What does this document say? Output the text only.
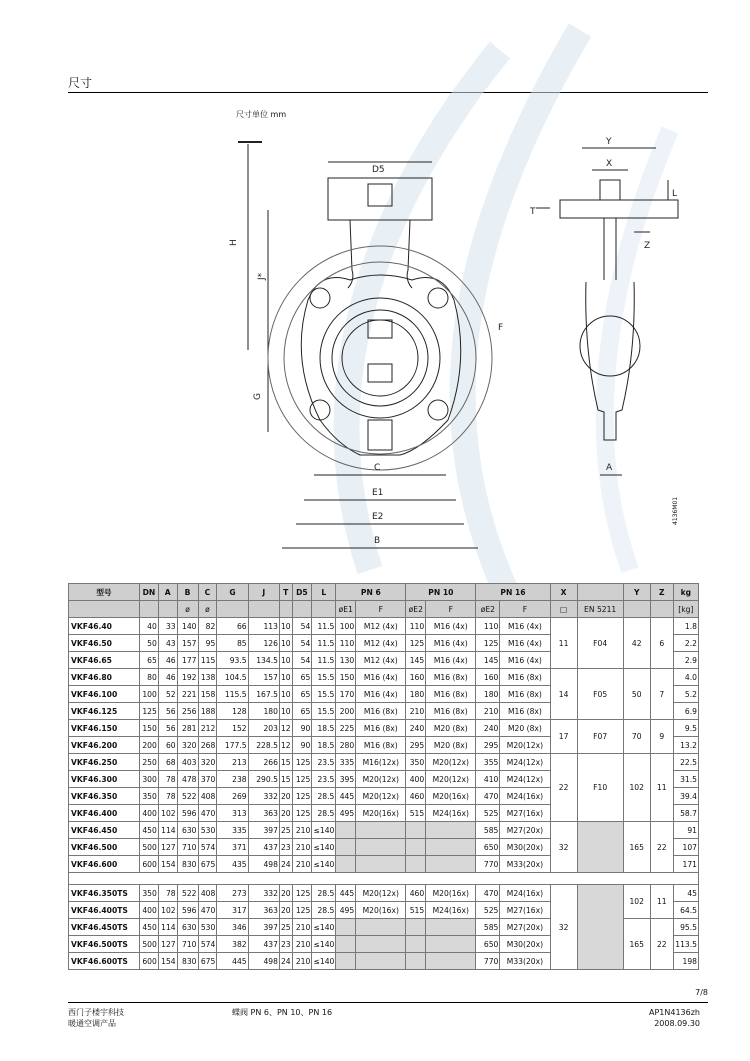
尺寸
尺寸单位 mm
D5
H
J*
G
C
E1
E2
B
F
Y
X
L
T
Z
A
4136M01
型号	DN	A	B	C	G	J	T	D5	L	PN 6		PN 10		PN 16		X		Y	Z	kg
			ø	ø						øE1	F	øE2	F	øE2	F	□	EN 5211			[kg]
VKF46.40	40	33	140	82	66	113	10	54	11.5	100	M12 (4x)	110	M16 (4x)	110	M16 (4x)	11	F04	42	6	1.8
VKF46.50	50	43	157	95	85	126	10	54	11.5	110	M12 (4x)	125	M16 (4x)	125	M16 (4x)					2.2
VKF46.65	65	46	177	115	93.5	134.5	10	54	11.5	130	M12 (4x)	145	M16 (4x)	145	M16 (4x)					2.9
VKF46.80	80	46	192	138	104.5	157	10	65	15.5	150	M16 (4x)	160	M16 (8x)	160	M16 (8x)	14	F05	50	7	4.0
VKF46.100	100	52	221	158	115.5	167.5	10	65	15.5	170	M16 (4x)	180	M16 (8x)	180	M16 (8x)					5.2
VKF46.125	125	56	256	188	128	180	10	65	15.5	200	M16 (8x)	210	M16 (8x)	210	M16 (8x)					6.9
VKF46.150	150	56	281	212	152	203	12	90	18.5	225	M16 (8x)	240	M20 (8x)	240	M20 (8x)	17	F07	70	9	9.5
VKF46.200	200	60	320	268	177.5	228.5	12	90	18.5	280	M16 (8x)	295	M20 (8x)	295	M20(12x)					13.2
VKF46.250	250	68	403	320	213	266	15	125	23.5	335	M16(12x)	350	M20(12x)	355	M24(12x)	22	F10	102	11	22.5
VKF46.300	300	78	478	370	238	290.5	15	125	23.5	395	M20(12x)	400	M20(12x)	410	M24(12x)					31.5
VKF46.350	350	78	522	408	269	332	20	125	28.5	445	M20(12x)	460	M20(16x)	470	M24(16x)					39.4
VKF46.400	400	102	596	470	313	363	20	125	28.5	495	M20(16x)	515	M24(16x)	525	M27(16x)					58.7
VKF46.450	450	114	630	530	335	397	25	210	≤140					585	M27(20x)	32		165	22	91
VKF46.500	500	127	710	574	371	437	23	210	≤140					650	M30(20x)					107
VKF46.600	600	154	830	675	435	498	24	210	≤140					770	M33(20x)					171

VKF46.350TS	350	78	522	408	273	332	20	125	28.5	445	M20(12x)	460	M20(16x)	470	M24(16x)	32		102	11	45
VKF46.400TS	400	102	596	470	317	363	20	125	28.5	495	M20(16x)	515	M24(16x)	525	M27(16x)					64.5
VKF46.450TS	450	114	630	530	346	397	25	210	≤140					585	M27(20x)			165	22	95.5
VKF46.500TS	500	127	710	574	382	437	23	210	≤140					650	M30(20x)					113.5
VKF46.600TS	600	154	830	675	445	498	24	210	≤140					770	M33(20x)					198
7/8
西门子楼宇科技
暖通空调产品
蝶阀 PN 6、PN 10、PN 16	AP1N4136zh
2008.09.30
